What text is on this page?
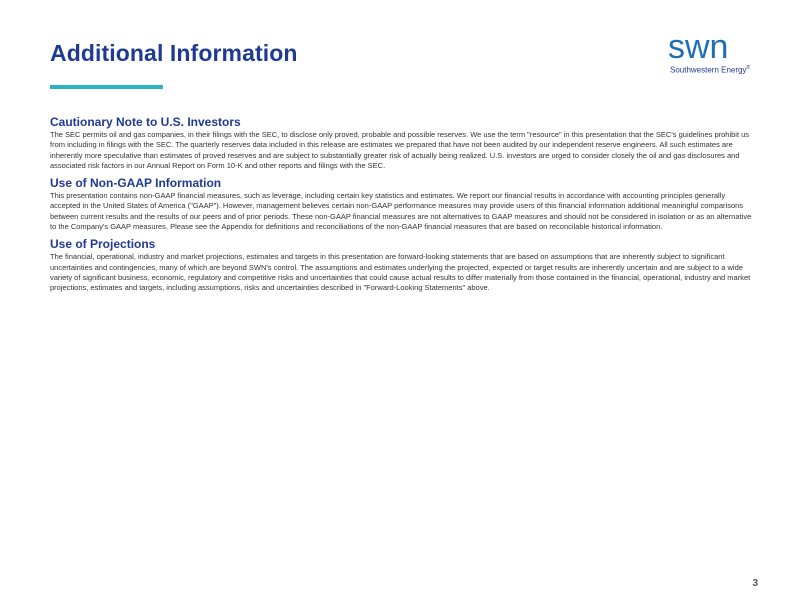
Additional Information	swn
Southwestern Energy®

Cautionary Note to U.S. Investors

The SEC permits oil and gas companies, in their filings with the SEC, to disclose only proved, probable and possible reserves. We use the term "resource" in this presentation that the SEC's guidelines prohibit us from including in filings with the SEC. The quarterly reserves data included in this release are estimates we prepared that have not been audited by our independent reserve engineers. All such estimates are inherently more speculative than estimates of proved reserves and are subject to substantially greater risk of actually being realized. U.S. investors are urged to consider closely the oil and gas disclosures and associated risk factors in our Annual Report on Form 10-K and other reports and filings with the SEC.

Use of Non-GAAP Information

This presentation contains non-GAAP financial measures, such as leverage, including certain key statistics and estimates. We report our financial results in accordance with accounting principles generally accepted in the United States of America ("GAAP"). However, management believes certain non-GAAP performance measures may provide users of this financial information additional meaningful comparisons between current results and the results of our peers and of prior periods. These non-GAAP financial measures are not alternatives to GAAP measures and should not be considered in isolation or as an alternative to the Company's GAAP measures. Please see the Appendix for definitions and reconciliations of the non-GAAP financial measures that are based on reconcilable historical information.

Use of Projections

The financial, operational, industry and market projections, estimates and targets in this presentation are forward-looking statements that are based on assumptions that are inherently subject to significant uncertainties and contingencies, many of which are beyond SWN's control. The assumptions and estimates underlying the projected, expected or target results are inherently uncertain and are subject to a wide variety of significant business, economic, regulatory and competitive risks and uncertainties that could cause actual results to differ materially from those contained in the financial, operational, industry and market projections, estimates and targets, including assumptions, risks and uncertainties described in "Forward-Looking Statements" above.

3
